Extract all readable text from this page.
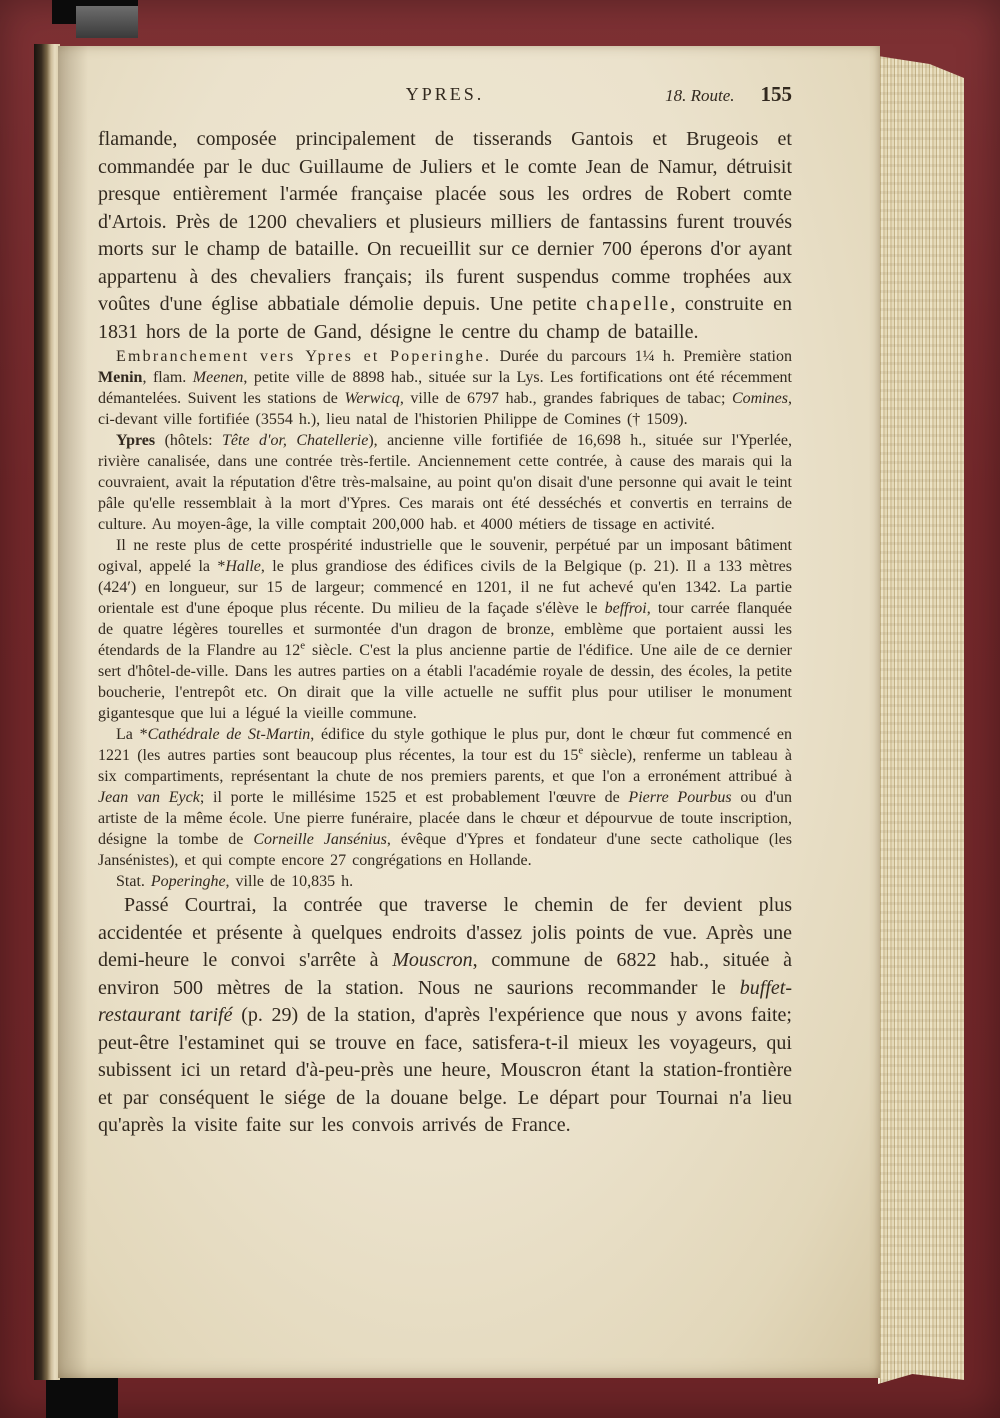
YPRES.	18. Route. 155

flamande, composée principalement de tisserands Gantois et Brugeois et commandée par le duc Guillaume de Juliers et le comte Jean de Namur, détruisit presque entièrement l'armée française placée sous les ordres de Robert comte d'Artois. Près de 1200 chevaliers et plusieurs milliers de fantassins furent trouvés morts sur le champ de bataille. On recueillit sur ce dernier 700 éperons d'or ayant appartenu à des chevaliers français; ils furent suspendus comme trophées aux voûtes d'une église abbatiale démolie depuis. Une petite chapelle, construite en 1831 hors de la porte de Gand, désigne le centre du champ de bataille.

Embranchement vers Ypres et Poperinghe. Durée du parcours 1¼ h. Première station Menin, flam. Meenen, petite ville de 8898 hab., située sur la Lys. Les fortifications ont été récemment démantelées. Suivent les stations de Werwicq, ville de 6797 hab., grandes fabriques de tabac; Comines, ci-devant ville fortifiée (3554 h.), lieu natal de l'historien Philippe de Comines († 1509).

Ypres (hôtels: Tête d'or, Chatellerie), ancienne ville fortifiée de 16,698 h., située sur l'Yperlée, rivière canalisée, dans une contrée très-fertile. Anciennement cette contrée, à cause des marais qui la couvraient, avait la réputation d'être très-malsaine, au point qu'on disait d'une personne qui avait le teint pâle qu'elle ressemblait à la mort d'Ypres. Ces marais ont été desséchés et convertis en terrains de culture. Au moyen-âge, la ville comptait 200,000 hab. et 4000 métiers de tissage en activité.

Il ne reste plus de cette prospérité industrielle que le souvenir, perpétué par un imposant bâtiment ogival, appelé la *Halle, le plus grandiose des édifices civils de la Belgique (p. 21). Il a 133 mètres (424′) en longueur, sur 15 de largeur; commencé en 1201, il ne fut achevé qu'en 1342. La partie orientale est d'une époque plus récente. Du milieu de la façade s'élève le beffroi, tour carrée flanquée de quatre légères tourelles et surmontée d'un dragon de bronze, emblème que portaient aussi les étendards de la Flandre au 12e siècle. C'est la plus ancienne partie de l'édifice. Une aile de ce dernier sert d'hôtel-de-ville. Dans les autres parties on a établi l'académie royale de dessin, des écoles, la petite boucherie, l'entrepôt etc. On dirait que la ville actuelle ne suffit plus pour utiliser le monument gigantesque que lui a légué la vieille commune.

La *Cathédrale de St-Martin, édifice du style gothique le plus pur, dont le chœur fut commencé en 1221 (les autres parties sont beaucoup plus récentes, la tour est du 15e siècle), renferme un tableau à six compartiments, représentant la chute de nos premiers parents, et que l'on a erronément attribué à Jean van Eyck; il porte le millésime 1525 et est probablement l'œuvre de Pierre Pourbus ou d'un artiste de la même école. Une pierre funéraire, placée dans le chœur et dépourvue de toute inscription, désigne la tombe de Corneille Jansénius, évêque d'Ypres et fondateur d'une secte catholique (les Jansénistes), et qui compte encore 27 congrégations en Hollande.

Stat. Poperinghe, ville de 10,835 h.

Passé Courtrai, la contrée que traverse le chemin de fer devient plus accidentée et présente à quelques endroits d'assez jolis points de vue. Après une demi-heure le convoi s'arrête à Mouscron, commune de 6822 hab., située à environ 500 mètres de la station. Nous ne saurions recommander le buffet-restaurant tarifé (p. 29) de la station, d'après l'expérience que nous y avons faite; peut-être l'estaminet qui se trouve en face, satisfera-t-il mieux les voyageurs, qui subissent ici un retard d'à-peu-près une heure, Mouscron étant la station-frontière et par conséquent le siége de la douane belge. Le départ pour Tournai n'a lieu qu'après la visite faite sur les convois arrivés de France.
